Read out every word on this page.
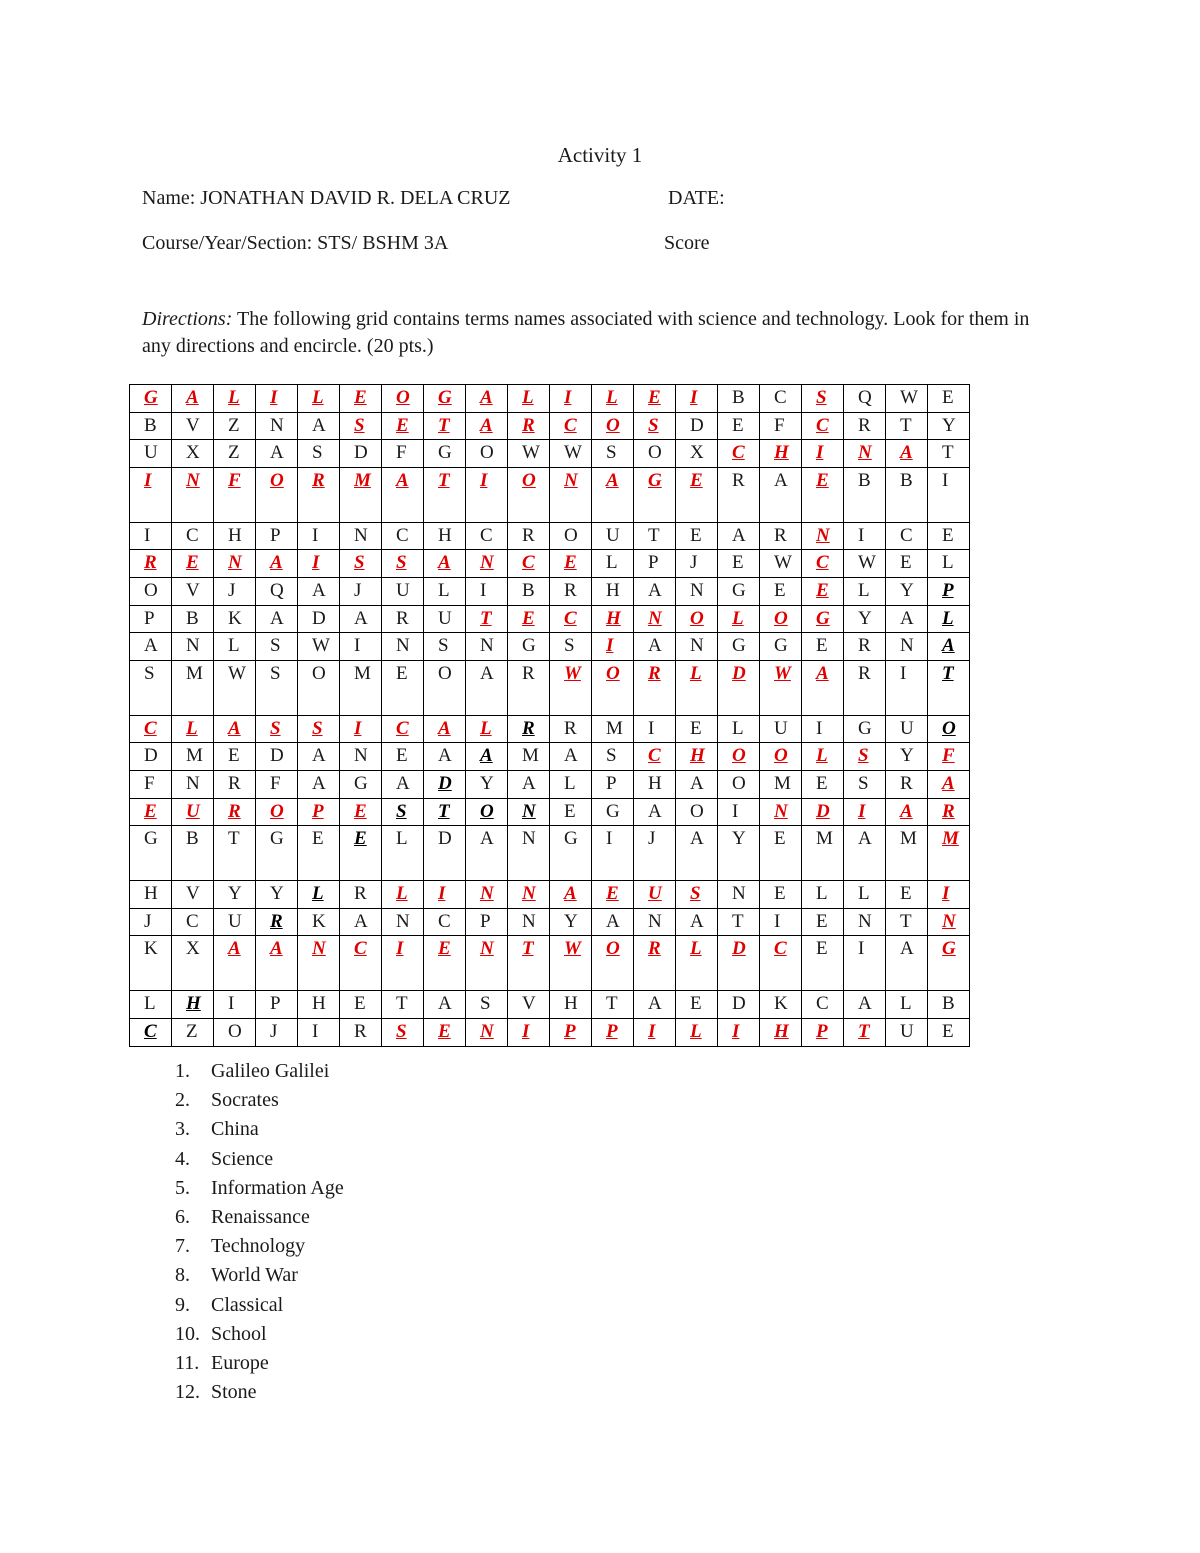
Activity 1
Name: JONATHAN DAVID R. DELA CRUZ	DATE:
Course/Year/Section: STS/ BSHM 3A	Score
Directions: The following grid contains terms names associated with science and technology. Look for them in any directions and encircle. (20 pts.)
G	A	L	I	L	E	O	G	A	L	I	L	E	I	B	C	S	Q	W	E
B	V	Z	N	A	S	E	T	A	R	C	O	S	D	E	F	C	R	T	Y
U	X	Z	A	S	D	F	G	O	W	W	S	O	X	C	H	I	N	A	T
I	N	F	O	R	M	A	T	I	O	N	A	G	E	R	A	E	B	B	I
I	C	H	P	I	N	C	H	C	R	O	U	T	E	A	R	N	I	C	E
R	E	N	A	I	S	S	A	N	C	E	L	P	J	E	W	C	W	E	L
O	V	J	Q	A	J	U	L	I	B	R	H	A	N	G	E	E	L	Y	P
P	B	K	A	D	A	R	U	T	E	C	H	N	O	L	O	G	Y	A	L
A	N	L	S	W	I	N	S	N	G	S	I	A	N	G	G	E	R	N	A
S	M	W	S	O	M	E	O	A	R	W	O	R	L	D	W	A	R	I	T
C	L	A	S	S	I	C	A	L	R	R	M	I	E	L	U	I	G	U	O
D	M	E	D	A	N	E	A	A	M	A	S	C	H	O	O	L	S	Y	F
F	N	R	F	A	G	A	D	Y	A	L	P	H	A	O	M	E	S	R	A
E	U	R	O	P	E	S	T	O	N	E	G	A	O	I	N	D	I	A	R
G	B	T	G	E	E	L	D	A	N	G	I	J	A	Y	E	M	A	M	M
H	V	Y	Y	L	R	L	I	N	N	A	E	U	S	N	E	L	L	E	I
J	C	U	R	K	A	N	C	P	N	Y	A	N	A	T	I	E	N	T	N
K	X	A	A	N	C	I	E	N	T	W	O	R	L	D	C	E	I	A	G
L	H	I	P	H	E	T	A	S	V	H	T	A	E	D	K	C	A	L	B
C	Z	O	J	I	R	S	E	N	I	P	P	I	L	I	H	P	T	U	E
1. Galileo Galilei
2. Socrates
3. China
4. Science
5. Information Age
6. Renaissance
7. Technology
8. World War
9. Classical
10. School
11. Europe
12. Stone
